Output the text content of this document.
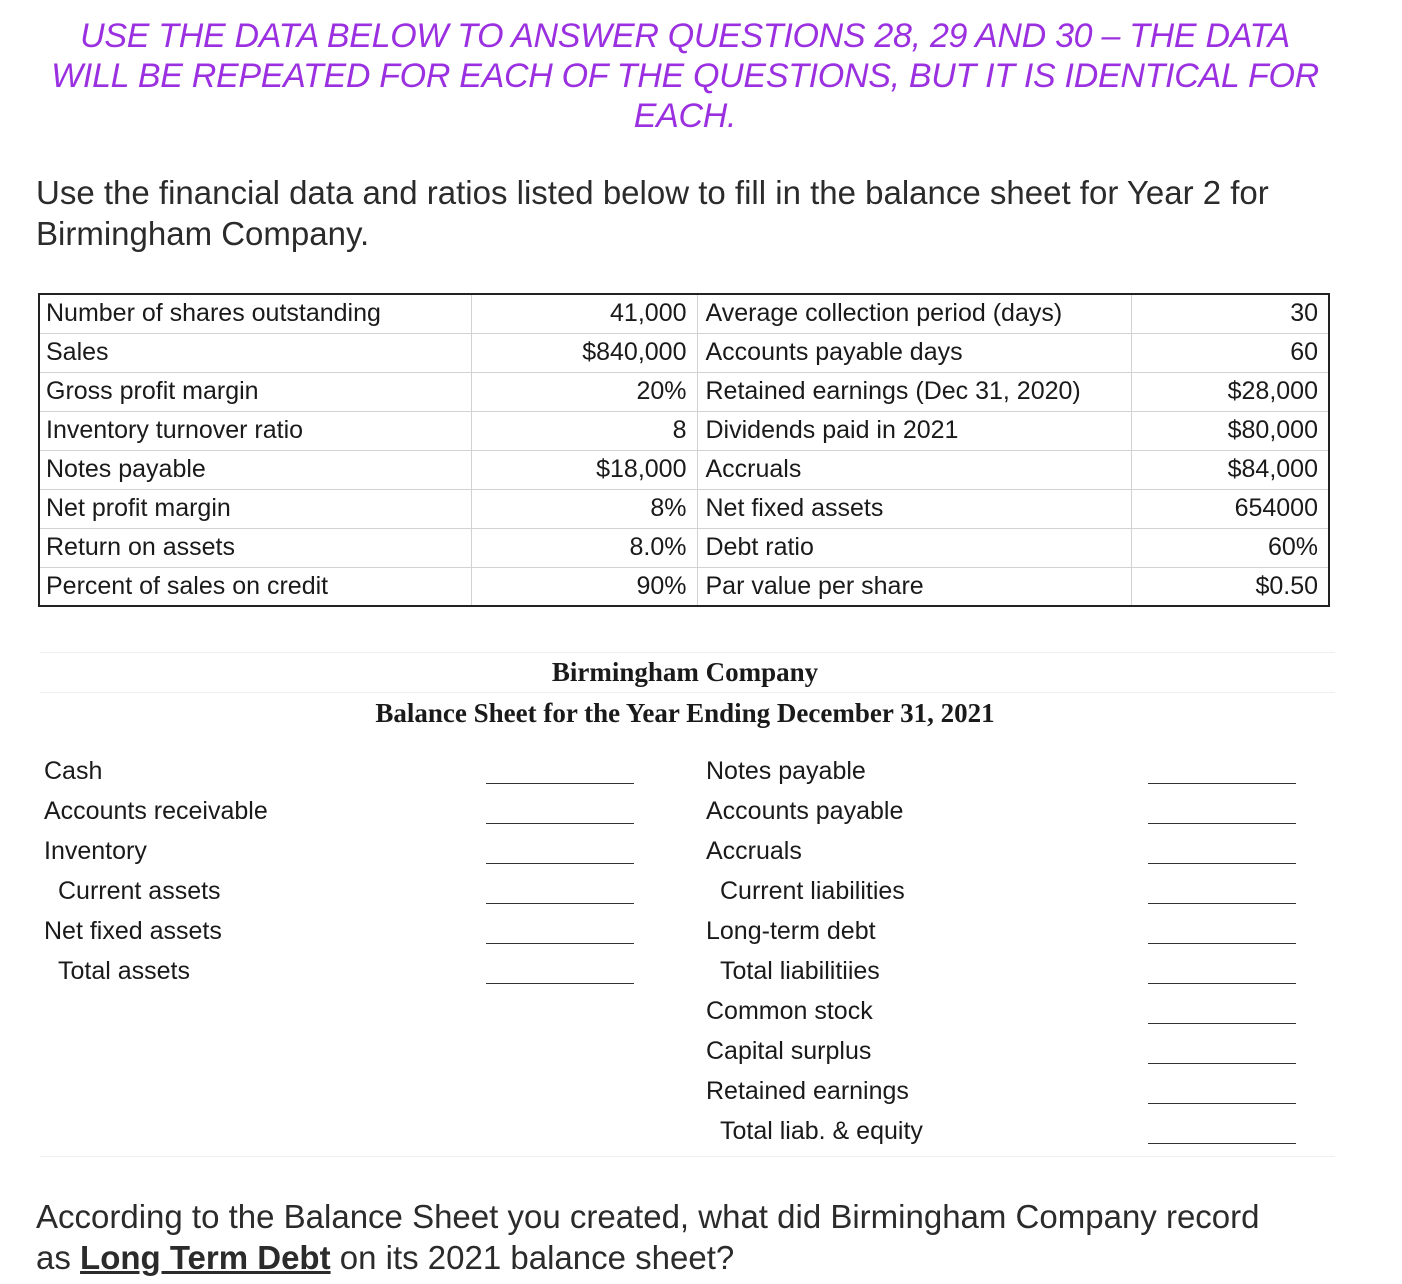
USE THE DATA BELOW TO ANSWER QUESTIONS 28, 29 AND 30 – THE DATA
WILL BE REPEATED FOR EACH OF THE QUESTIONS, BUT IT IS IDENTICAL FOR
EACH.
Use the financial data and ratios listed below to fill in the balance sheet for Year 2 for
Birmingham Company.
Number of shares outstanding	41,000	Average collection period (days)	30
Sales	$840,000	Accounts payable days	60
Gross profit margin	20%	Retained earnings (Dec 31, 2020)	$28,000
Inventory turnover ratio	8	Dividends paid in 2021	$80,000
Notes payable	$18,000	Accruals	$84,000
Net profit margin	8%	Net fixed assets	654000
Return on assets	8.0%	Debt ratio	60%
Percent of sales on credit	90%	Par value per share	$0.50
Birmingham Company
Balance Sheet for the Year Ending December 31, 2021
Cash
Accounts receivable
Inventory
Current assets
Net fixed assets
Total assets
Notes payable
Accounts payable
Accruals
Current liabilities
Long-term debt
Total liabilitiies
Common stock
Capital surplus
Retained earnings
Total liab. & equity
According to the Balance Sheet you created, what did Birmingham Company record
as Long Term Debt on its 2021 balance sheet?
